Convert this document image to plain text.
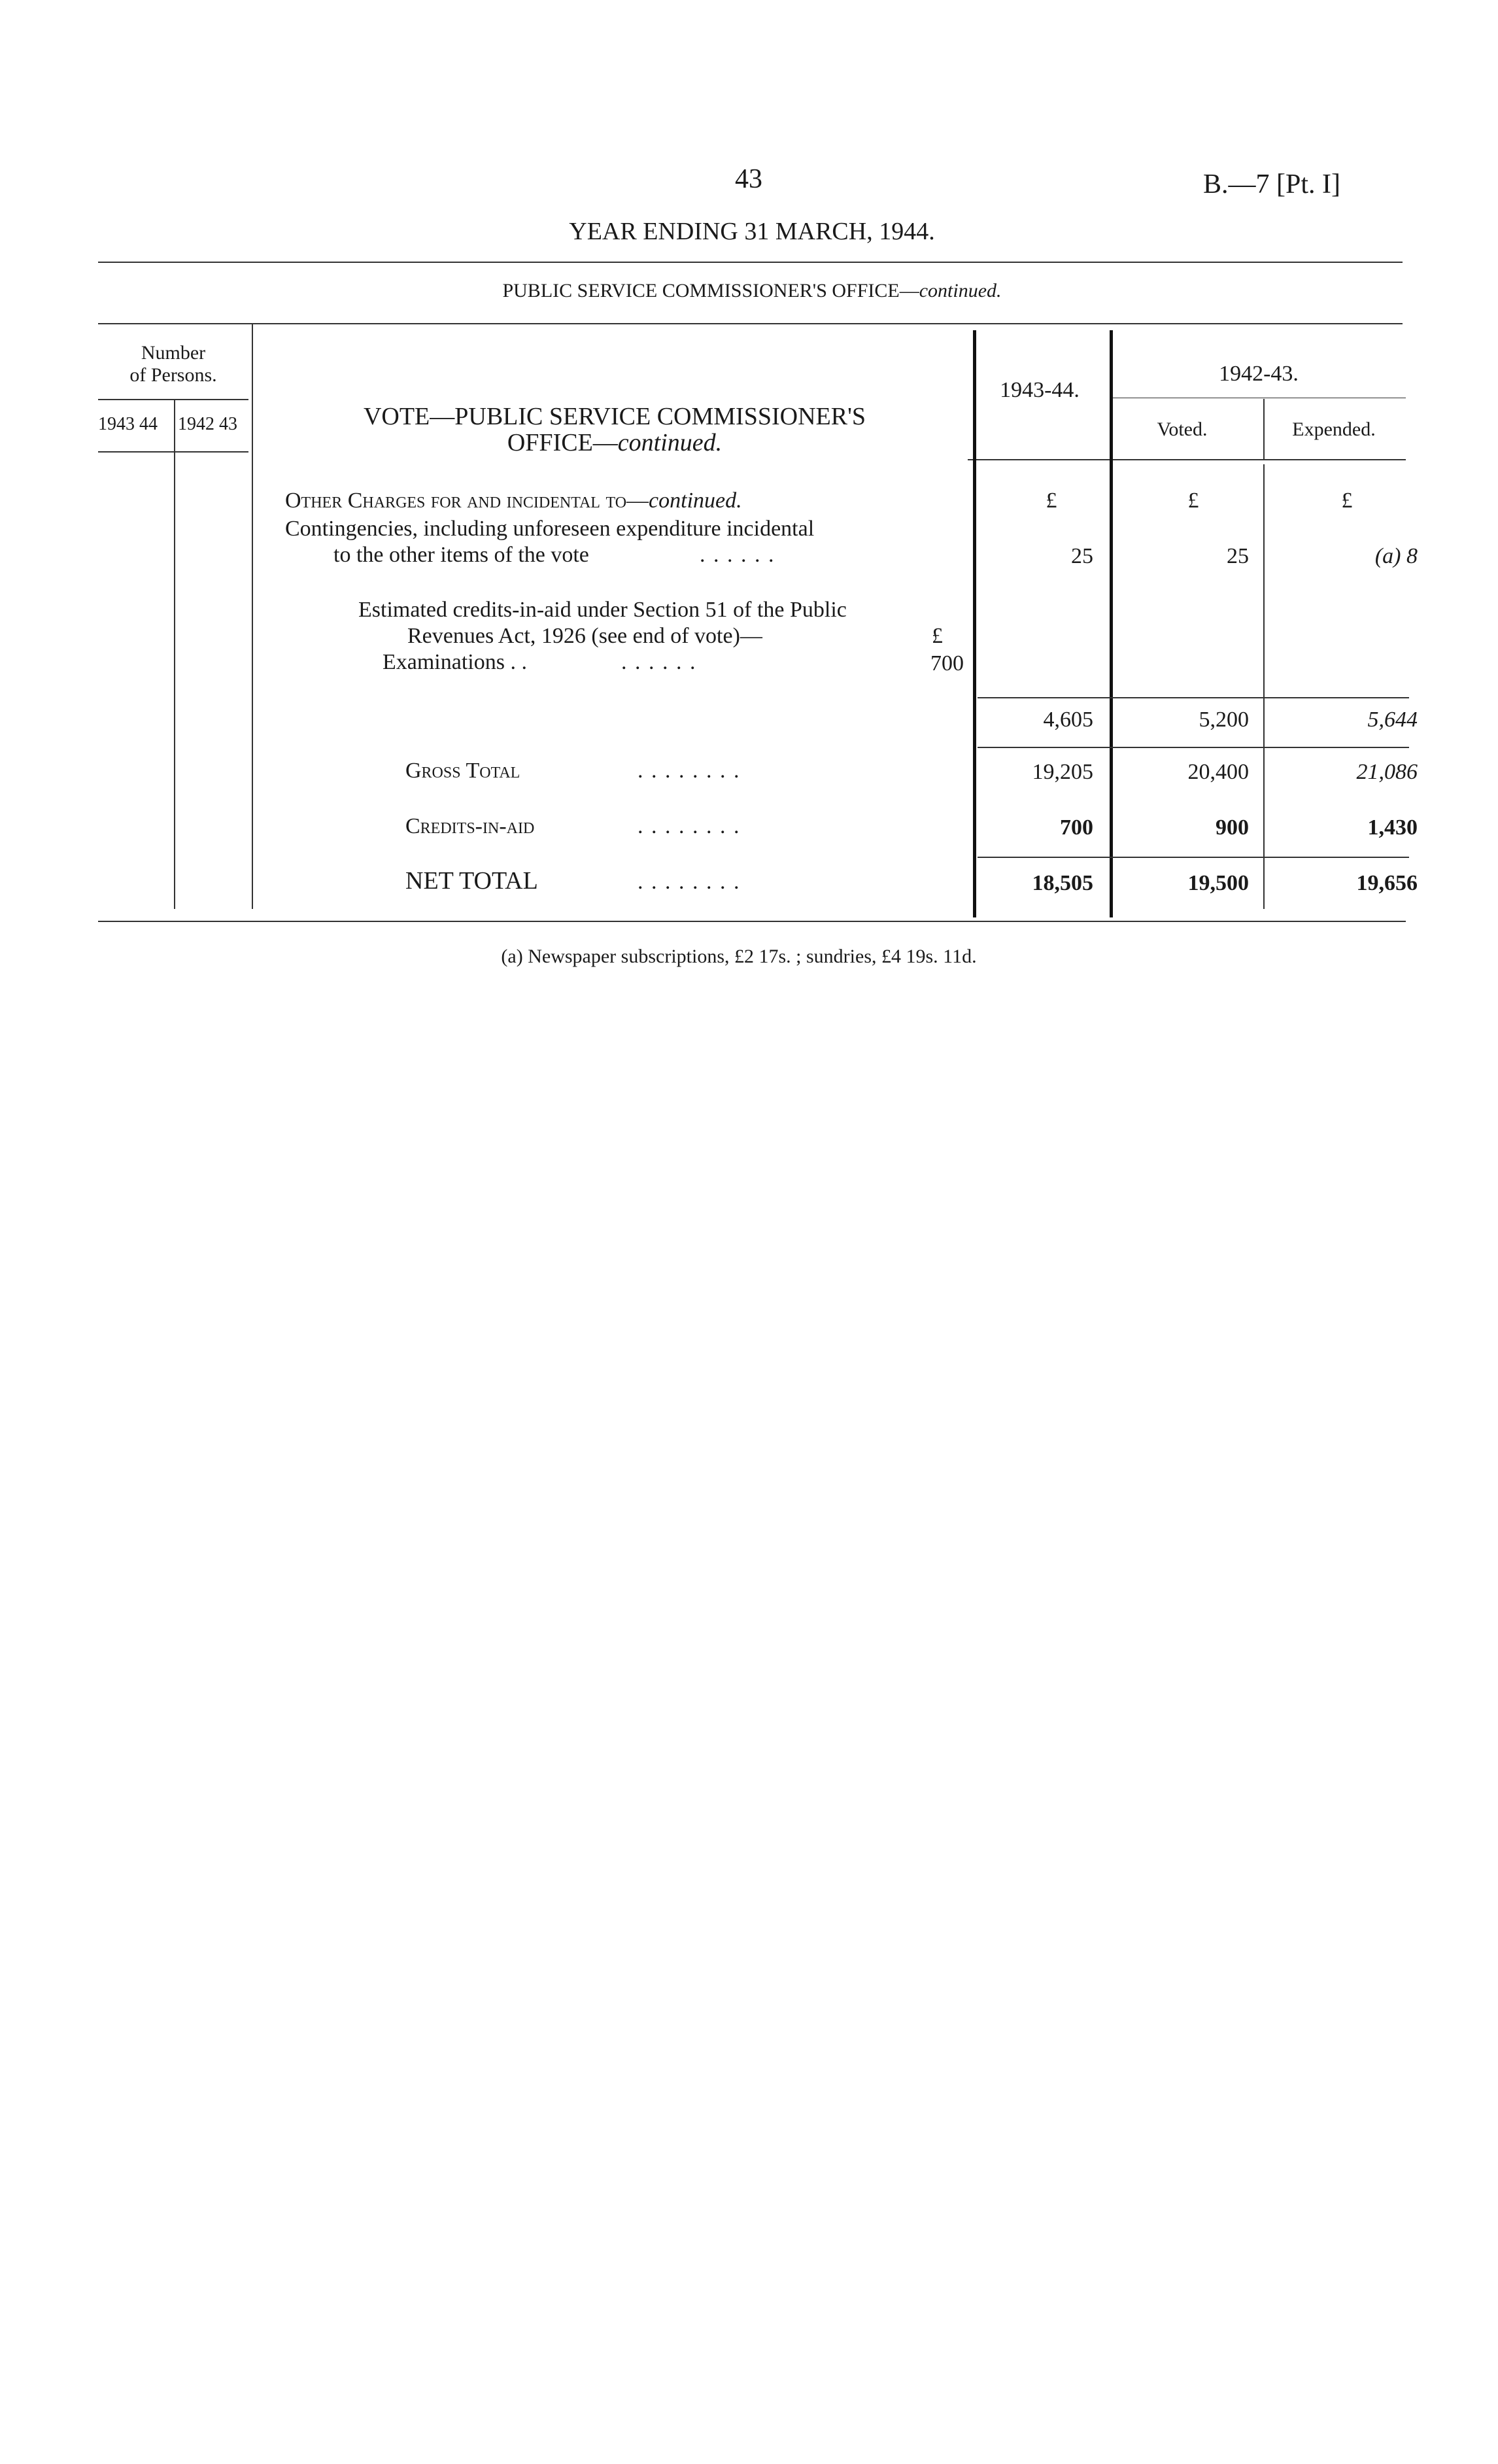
43	B.—7 [Pt. I]
YEAR ENDING 31 MARCH, 1944.
PUBLIC SERVICE COMMISSIONER'S OFFICE—continued.
Number
of Persons.
1943 44 1942 43	VOTE—PUBLIC SERVICE COMMISSIONER'S
OFFICE—continued.
1943-44.
1942-43.
Voted.	Expended.
Other Charges for and incidental to—continued.	£	£	£
Contingencies, including unforeseen expenditure incidental
to the other items of the vote	. . . . . .	25	25	(a) 8
Estimated credits-in-aid under Section 51 of the Public
Revenues Act, 1926 (see end of vote)—	£
Examinations . .	. . . . . .	700
4,605	5,200	5,644
Gross Total	. . . . . . . .	19,205	20,400	21,086
Credits-in-aid	. . . . . . . .	700	900	1,430
NET TOTAL	. . . . . . . .	18,505	19,500	19,656
(a) Newspaper subscriptions, £2 17s. ; sundries, £4 19s. 11d.
